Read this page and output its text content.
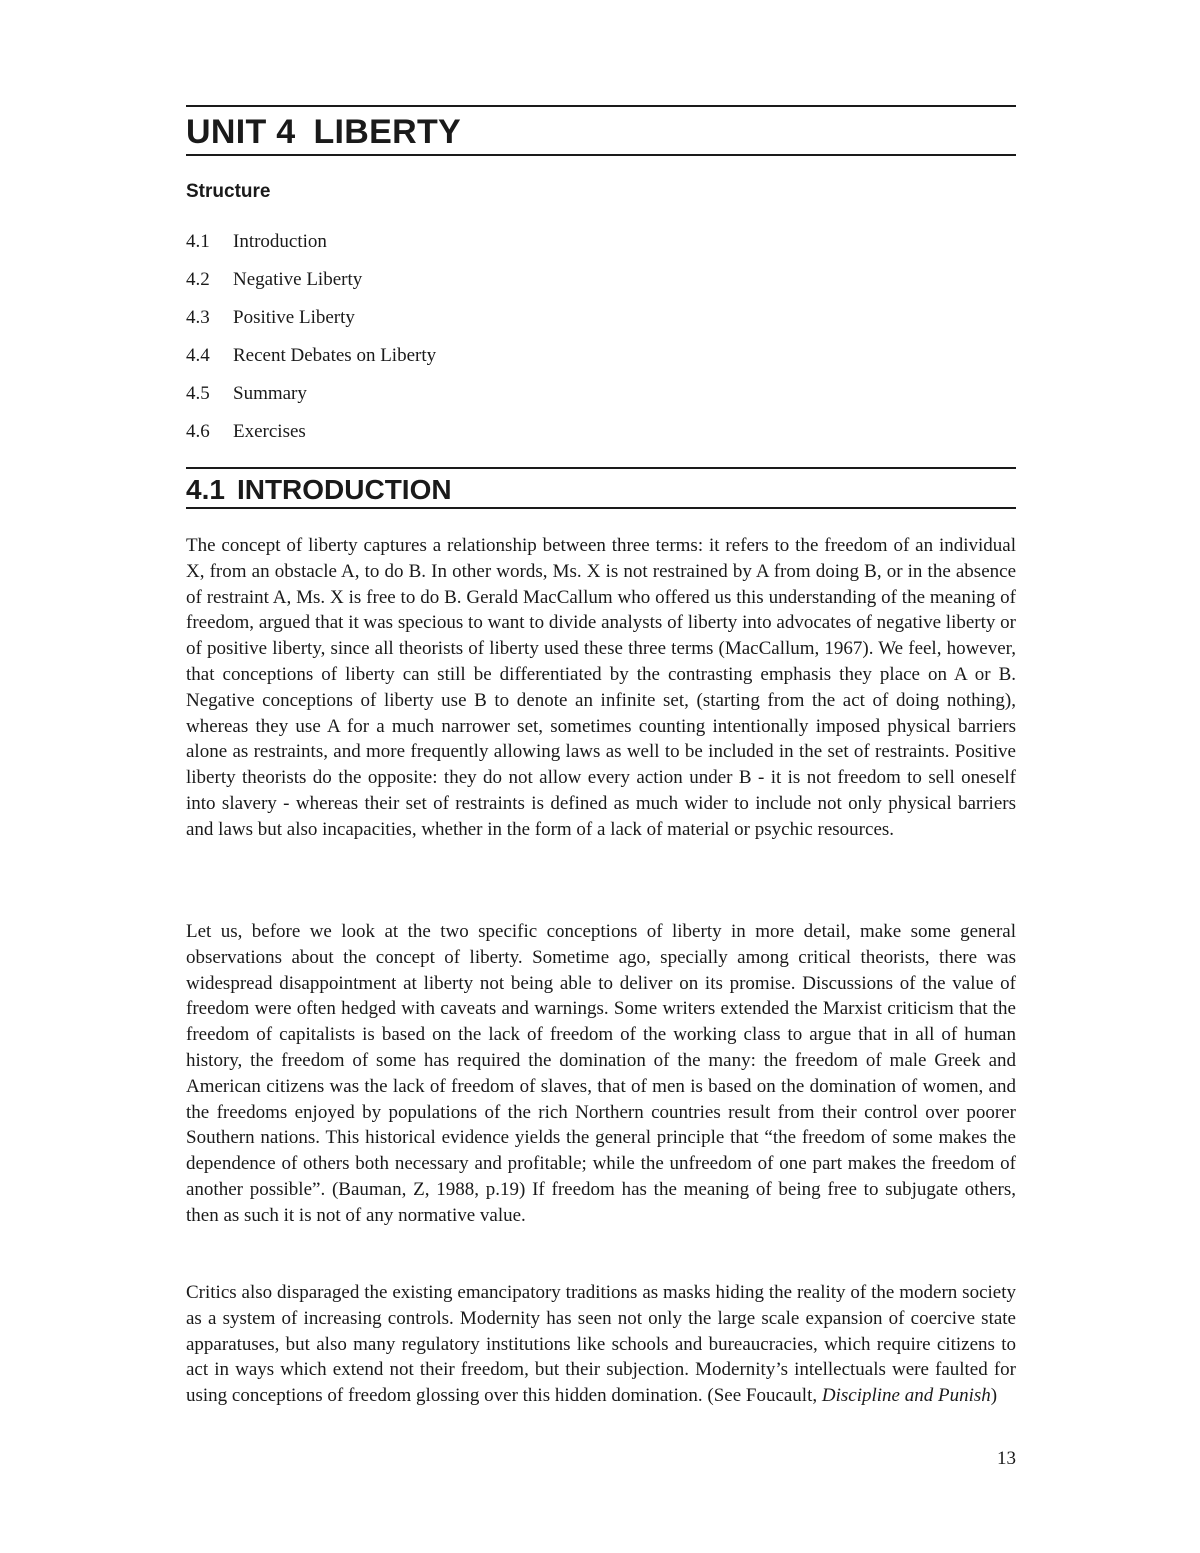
UNIT 4 LIBERTY
Structure
4.1 Introduction
4.2 Negative Liberty
4.3 Positive Liberty
4.4 Recent Debates on Liberty
4.5 Summary
4.6 Exercises
4.1 INTRODUCTION

The concept of liberty captures a relationship between three terms: it refers to the freedom of an individual X, from an obstacle A, to do B. In other words, Ms. X is not restrained by A from doing B, or in the absence of restraint A, Ms. X is free to do B. Gerald MacCallum who offered us this understanding of the meaning of freedom, argued that it was specious to want to divide analysts of liberty into advocates of negative liberty or of positive liberty, since all theorists of liberty used these three terms (MacCallum, 1967). We feel, however, that conceptions of liberty can still be differentiated by the contrasting emphasis they place on A or B. Negative conceptions of liberty use B to denote an infinite set, (starting from the act of doing nothing), whereas they use A for a much narrower set, sometimes counting intentionally imposed physical barriers alone as restraints, and more frequently allowing laws as well to be included in the set of restraints. Positive liberty theorists do the opposite: they do not allow every action under B - it is not freedom to sell oneself into slavery - whereas their set of restraints is defined as much wider to include not only physical barriers and laws but also incapacities, whether in the form of a lack of material or psychic resources.

Let us, before we look at the two specific conceptions of liberty in more detail, make some general observations about the concept of liberty. Sometime ago, specially among critical theorists, there was widespread disappointment at liberty not being able to deliver on its promise. Discussions of the value of freedom were often hedged with caveats and warnings. Some writers extended the Marxist criticism that the freedom of capitalists is based on the lack of freedom of the working class to argue that in all of human history, the freedom of some has required the domination of the many: the freedom of male Greek and American citizens was the lack of freedom of slaves, that of men is based on the domination of women, and the freedoms enjoyed by populations of the rich Northern countries result from their control over poorer Southern nations. This historical evidence yields the general principle that “the freedom of some makes the dependence of others both necessary and profitable; while the unfreedom of one part makes the freedom of another possible”. (Bauman, Z, 1988, p.19) If freedom has the meaning of being free to subjugate others, then as such it is not of any normative value.

Critics also disparaged the existing emancipatory traditions as masks hiding the reality of the modern society as a system of increasing controls. Modernity has seen not only the large scale expansion of coercive state apparatuses, but also many regulatory institutions like schools and bureaucracies, which require citizens to act in ways which extend not their freedom, but their subjection. Modernity’s intellectuals were faulted for using conceptions of freedom glossing over this hidden domination. (See Foucault, Discipline and Punish)

13
